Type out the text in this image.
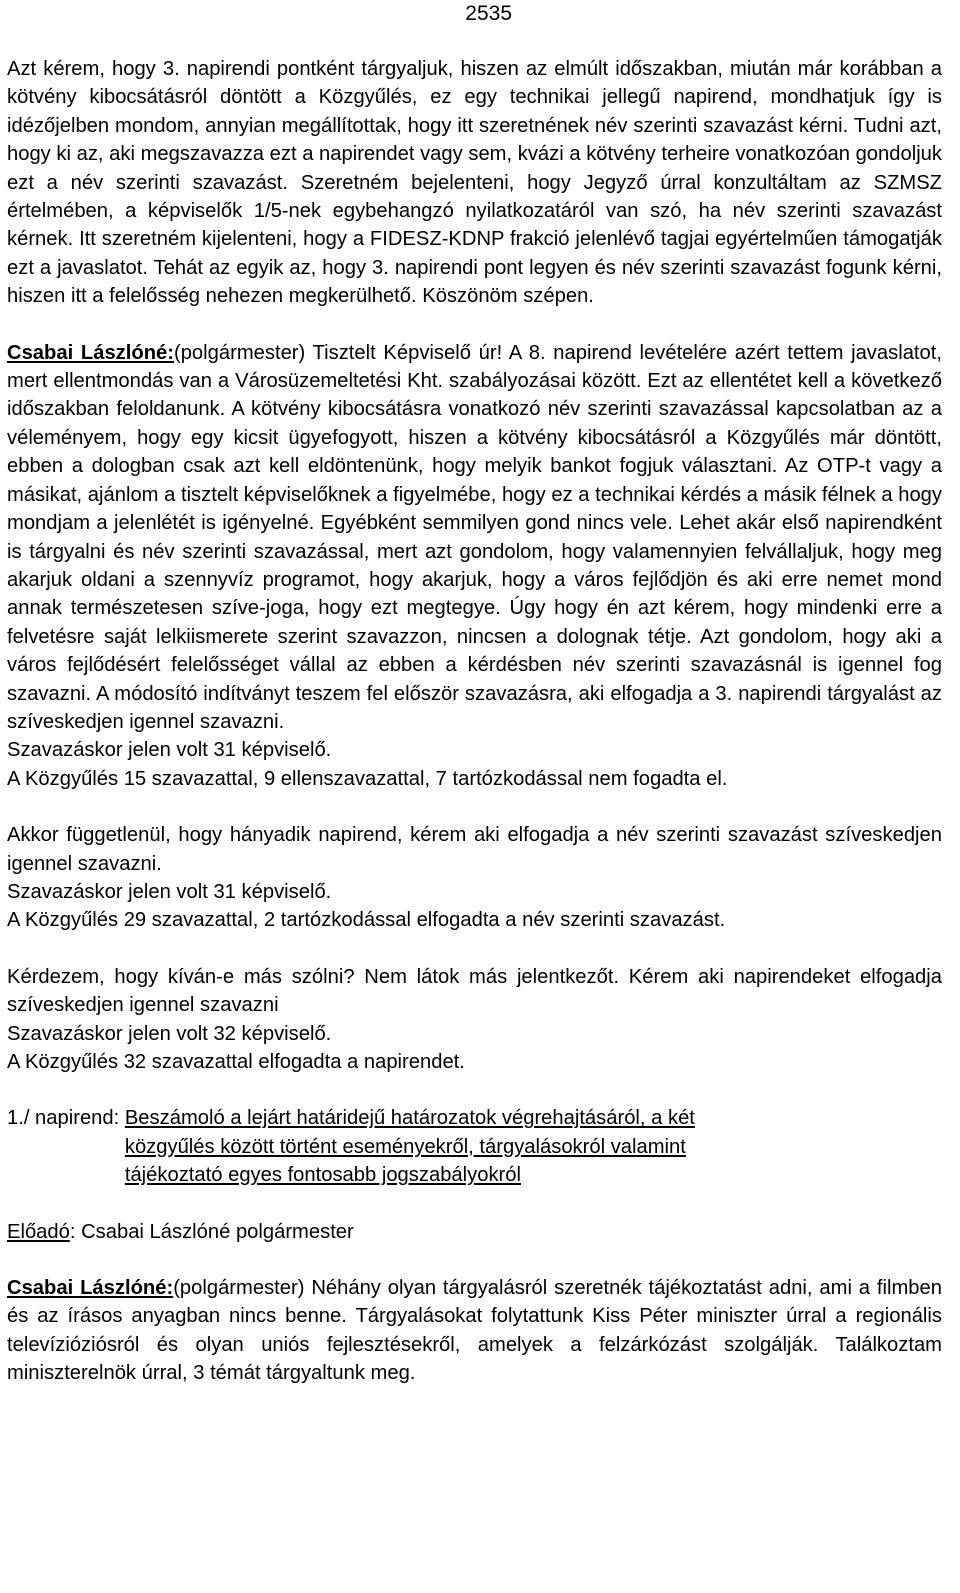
2535

Azt kérem, hogy 3. napirendi pontként tárgyaljuk, hiszen az elmúlt időszakban, miután már korábban a kötvény kibocsátásról döntött a Közgyűlés, ez egy technikai jellegű napirend, mondhatjuk így is idézőjelben mondom, annyian megállítottak, hogy itt szeretnének név szerinti szavazást kérni. Tudni azt, hogy ki az, aki megszavazza ezt a napirendet vagy sem, kvázi a kötvény terheire vonatkozóan gondoljuk ezt a név szerinti szavazást. Szeretném bejelenteni, hogy Jegyző úrral konzultáltam az SZMSZ értelmében, a képviselők 1/5-nek egybehangzó nyilatkozatáról van szó, ha név szerinti szavazást kérnek. Itt szeretném kijelenteni, hogy a FIDESZ-KDNP frakció jelenlévő tagjai egyértelműen támogatják ezt a javaslatot. Tehát az egyik az, hogy 3. napirendi pont legyen és név szerinti szavazást fogunk kérni, hiszen itt a felelősség nehezen megkerülhető. Köszönöm szépen.

Csabai Lászlóné:(polgármester) Tisztelt Képviselő úr! A 8. napirend levételére azért tettem javaslatot, mert ellentmondás van a Városüzemeltetési Kht. szabályozásai között. Ezt az ellentétet kell a következő időszakban feloldanunk. A kötvény kibocsátásra vonatkozó név szerinti szavazással kapcsolatban az a véleményem, hogy egy kicsit ügyefogyott, hiszen a kötvény kibocsátásról a Közgyűlés már döntött, ebben a dologban csak azt kell eldöntenünk, hogy melyik bankot fogjuk választani. Az OTP-t vagy a másikat, ajánlom a tisztelt képviselőknek a figyelmébe, hogy ez a technikai kérdés a másik félnek a hogy mondjam a jelenlétét is igényelné. Egyébként semmilyen gond nincs vele. Lehet akár első napirendként is tárgyalni és név szerinti szavazással, mert azt gondolom, hogy valamennyien felvállaljuk, hogy meg akarjuk oldani a szennyvíz programot, hogy akarjuk, hogy a város fejlődjön és aki erre nemet mond annak természetesen szíve-joga, hogy ezt megtegye. Úgy hogy én azt kérem, hogy mindenki erre a felvetésre saját lelkiismerete szerint szavazzon, nincsen a dolognak tétje. Azt gondolom, hogy aki a város fejlődésért felelősséget vállal az ebben a kérdésben név szerinti szavazásnál is igennel fog szavazni. A módosító indítványt teszem fel először szavazásra, aki elfogadja a 3. napirendi tárgyalást az szíveskedjen igennel szavazni.

Szavazáskor jelen volt 31 képviselő.

A Közgyűlés 15 szavazattal, 9 ellenszavazattal, 7 tartózkodással nem fogadta el.

Akkor függetlenül, hogy hányadik napirend, kérem aki elfogadja a név szerinti szavazást szíveskedjen igennel szavazni.

Szavazáskor jelen volt 31 képviselő.

A Közgyűlés 29 szavazattal, 2 tartózkodással elfogadta a név szerinti szavazást.

Kérdezem, hogy kíván-e más szólni? Nem látok más jelentkezőt. Kérem aki napirendeket elfogadja szíveskedjen igennel szavazni

Szavazáskor jelen volt 32 képviselő.

A Közgyűlés 32 szavazattal elfogadta a napirendet.

1./ napirend: Beszámoló a lejárt határidejű határozatok végrehajtásáról, a két
közgyűlés között történt eseményekről, tárgyalásokról valamint
tájékoztató egyes fontosabb jogszabályokról

Előadó: Csabai Lászlóné polgármester

Csabai Lászlóné:(polgármester) Néhány olyan tárgyalásról szeretnék tájékoztatást adni, ami a filmben és az írásos anyagban nincs benne. Tárgyalásokat folytattunk Kiss Péter miniszter úrral a regionális televízióziósról és olyan uniós fejlesztésekről, amelyek a felzárkózást szolgálják. Találkoztam miniszterelnök úrral, 3 témát tárgyaltunk meg.
